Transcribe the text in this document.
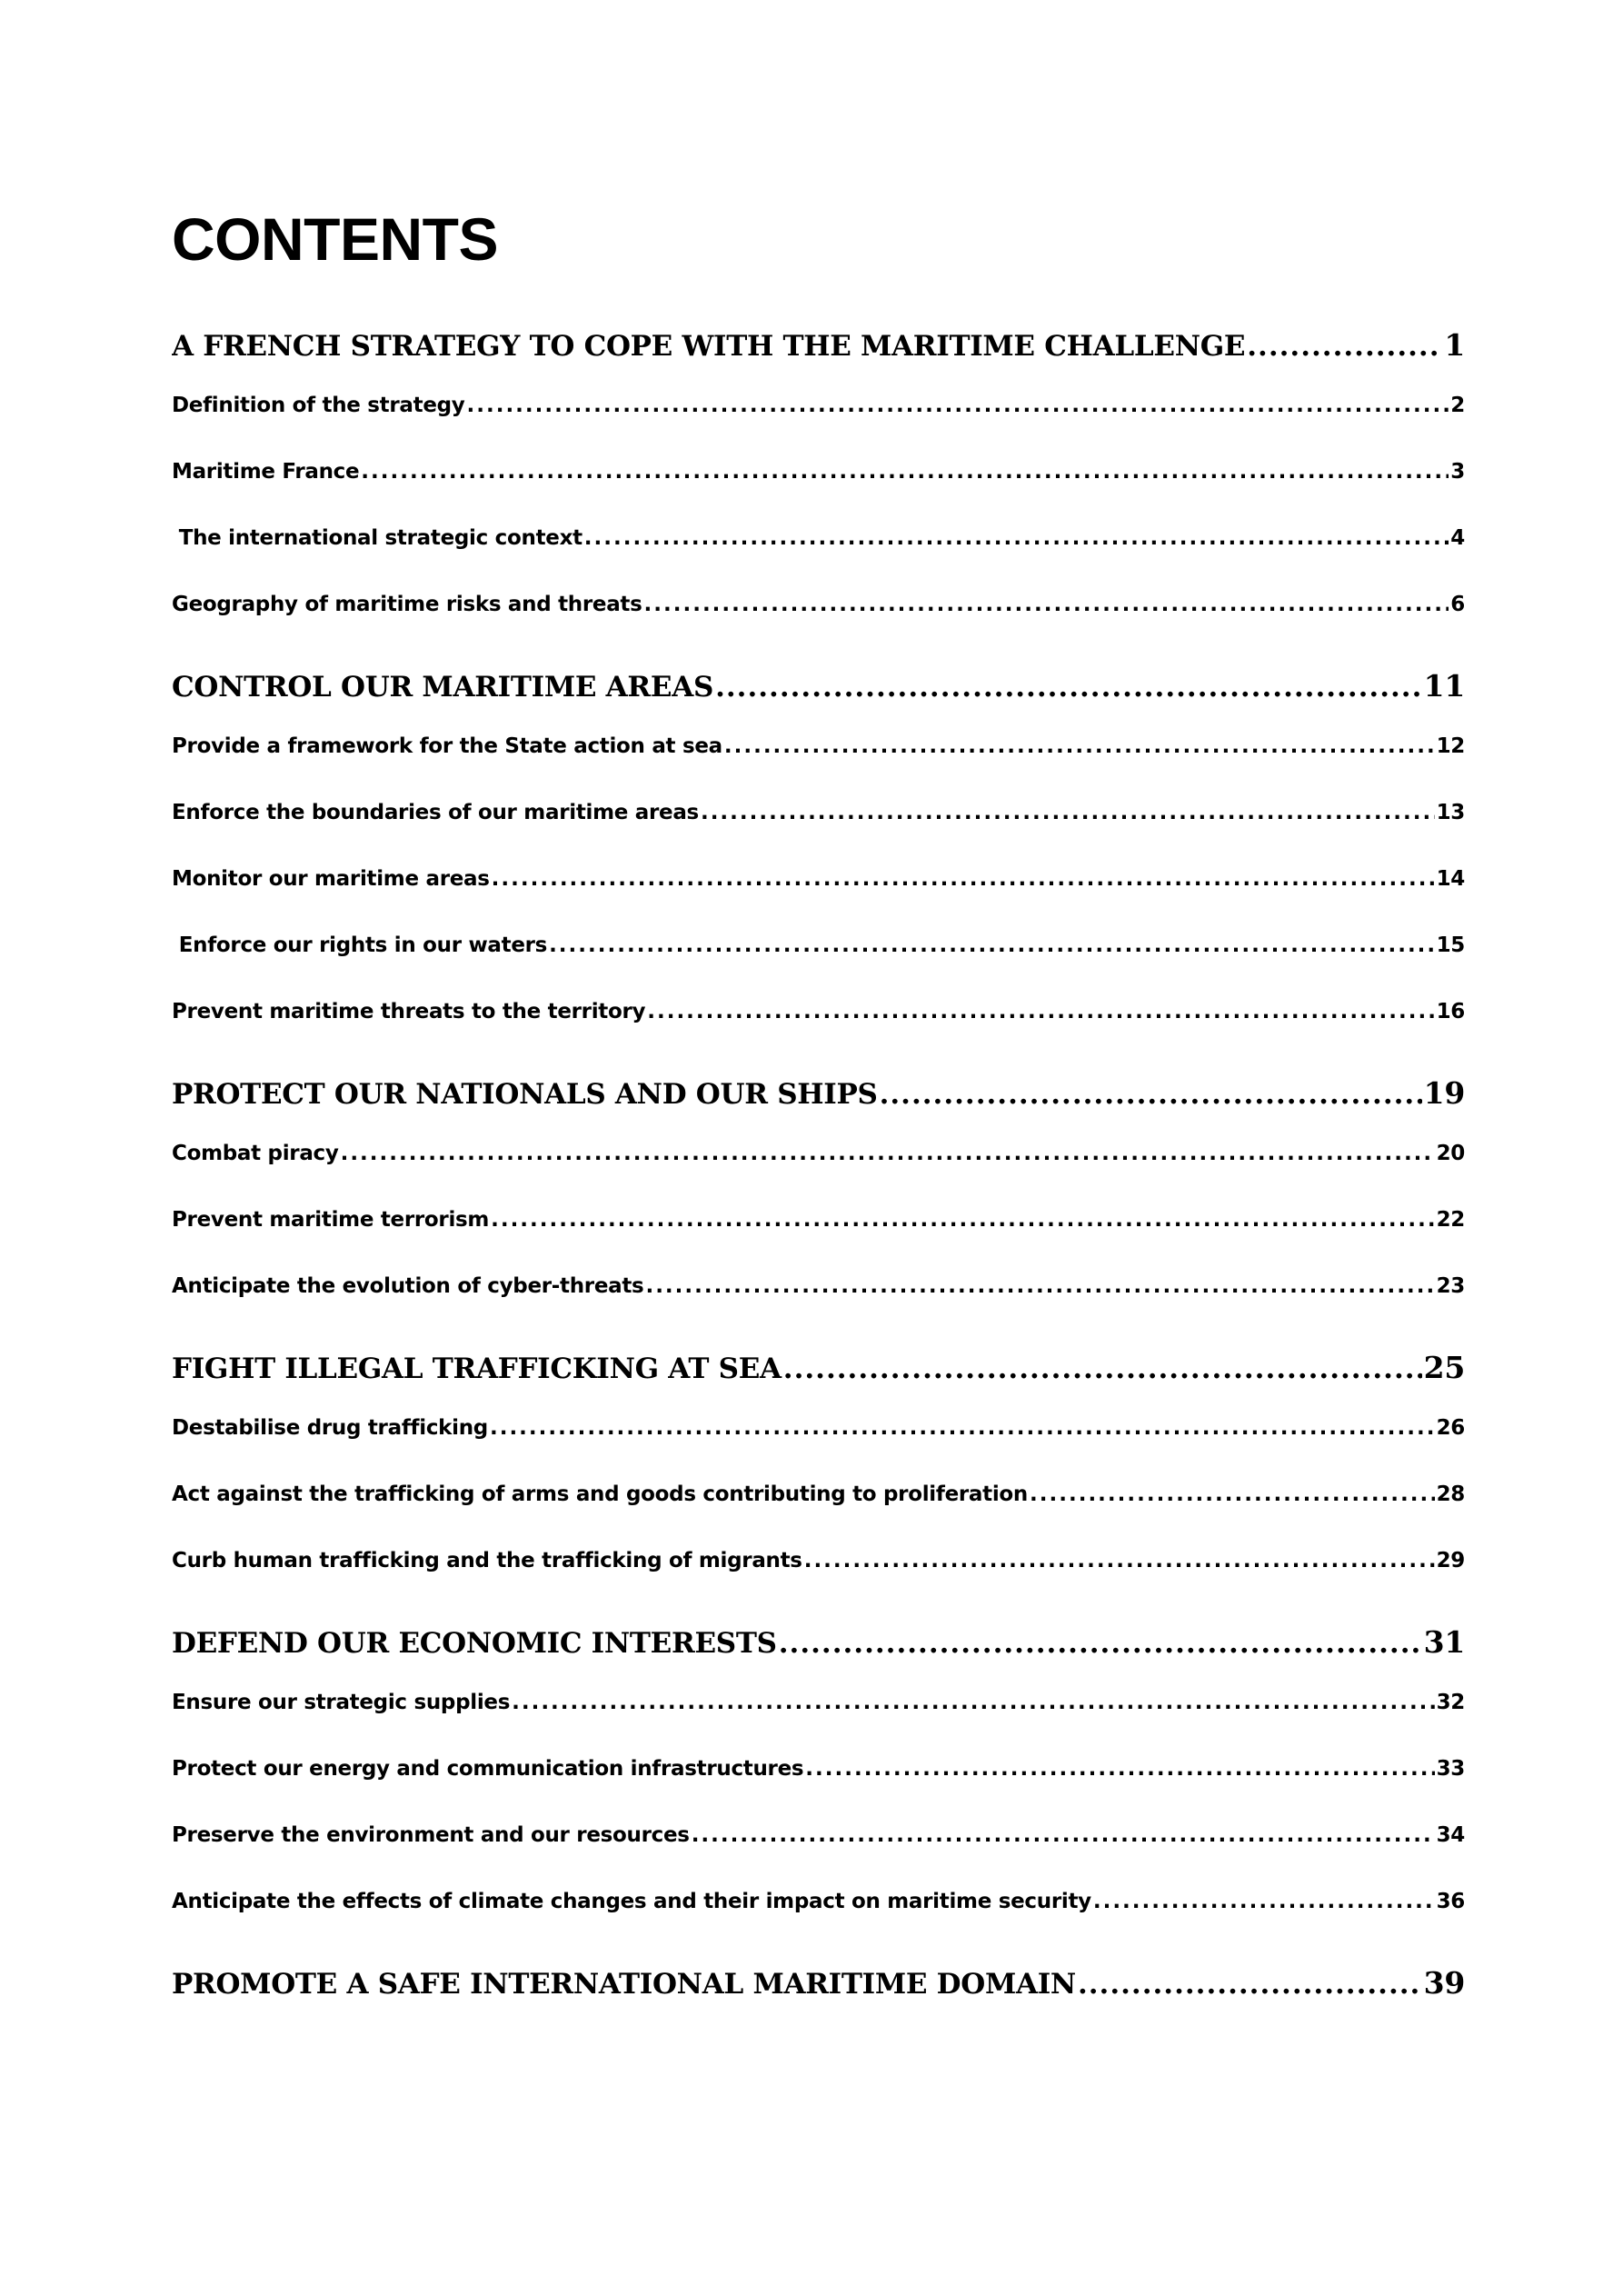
CONTENTS
A FRENCH STRATEGY TO COPE WITH THE MARITIME CHALLENGE .....	1
Definition of the strategy .....	2
Maritime France .....	3
The international strategic context .....	4
Geography of maritime risks and threats .....	6
CONTROL OUR MARITIME AREAS .....	11
Provide a framework for the State action at sea .....	12
Enforce the boundaries of our maritime areas .....	13
Monitor our maritime areas .....	14
Enforce our rights in our waters .....	15
Prevent maritime threats to the territory .....	16
PROTECT OUR NATIONALS AND OUR SHIPS .....	19
Combat piracy .....	20
Prevent maritime terrorism .....	22
Anticipate the evolution of cyber-threats .....	23
FIGHT ILLEGAL TRAFFICKING AT SEA .....	25
Destabilise drug trafficking .....	26
Act against the trafficking of arms and goods contributing to proliferation .....	28
Curb human trafficking and the trafficking of migrants .....	29
DEFEND OUR ECONOMIC INTERESTS .....	31
Ensure our strategic supplies .....	32
Protect our energy and communication infrastructures .....	33
Preserve the environment and our resources .....	34
Anticipate the effects of climate changes and their impact on maritime security .....	36
PROMOTE A SAFE INTERNATIONAL MARITIME DOMAIN .....	39
